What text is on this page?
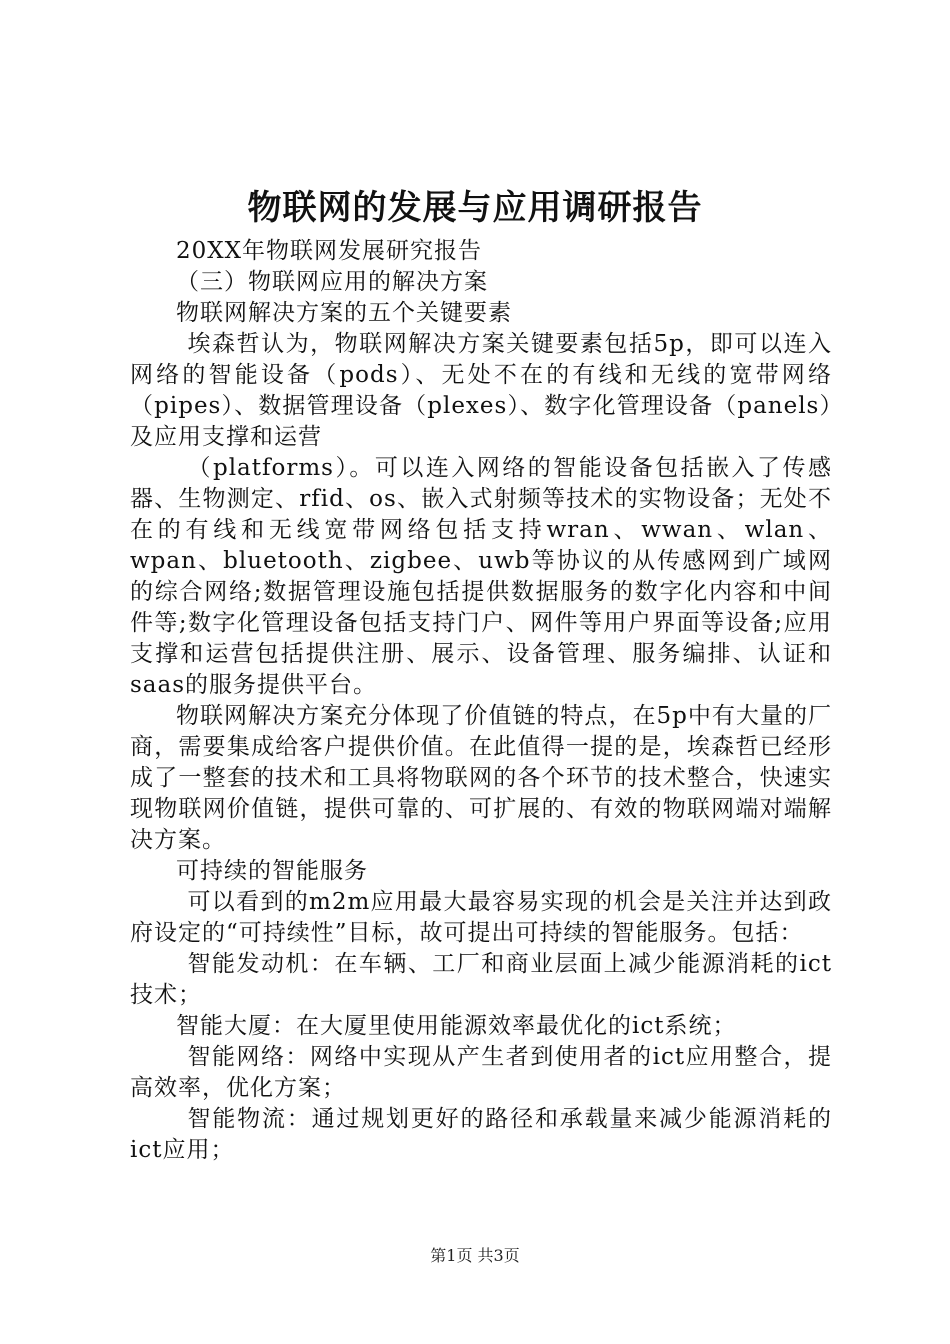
物联网的发展与应用调研报告

20XX年物联网发展研究报告

（三）物联网应用的解决方案

物联网解决方案的五个关键要素

埃森哲认为，物联网解决方案关键要素包括5p，即可以连入网络的智能设备（pods）、无处不在的有线和无线的宽带网络（pipes）、数据管理设备（plexes）、数字化管理设备（panels）及应用支撑和运营

（platforms）。可以连入网络的智能设备包括嵌入了传感器、生物测定、rfid、os、嵌入式射频等技术的实物设备；无处不在的有线和无线宽带网络包括支持wran、wwan、wlan、wpan、bluetooth、zigbee、uwb等协议的从传感网到广域网的综合网络;数据管理设施包括提供数据服务的数字化内容和中间件等;数字化管理设备包括支持门户、网件等用户界面等设备;应用支撑和运营包括提供注册、展示、设备管理、服务编排、认证和saas的服务提供平台。

物联网解决方案充分体现了价值链的特点，在5p中有大量的厂商，需要集成给客户提供价值。在此值得一提的是，埃森哲已经形成了一整套的技术和工具将物联网的各个环节的技术整合，快速实现物联网价值链，提供可靠的、可扩展的、有效的物联网端对端解决方案。

可持续的智能服务

可以看到的m2m应用最大最容易实现的机会是关注并达到政府设定的“可持续性”目标，故可提出可持续的智能服务。包括：

智能发动机：在车辆、工厂和商业层面上减少能源消耗的ict技术；

智能大厦：在大厦里使用能源效率最优化的ict系统；

智能网络：网络中实现从产生者到使用者的ict应用整合，提高效率，优化方案；

智能物流：通过规划更好的路径和承载量来减少能源消耗的ict应用；

第1页 共3页
